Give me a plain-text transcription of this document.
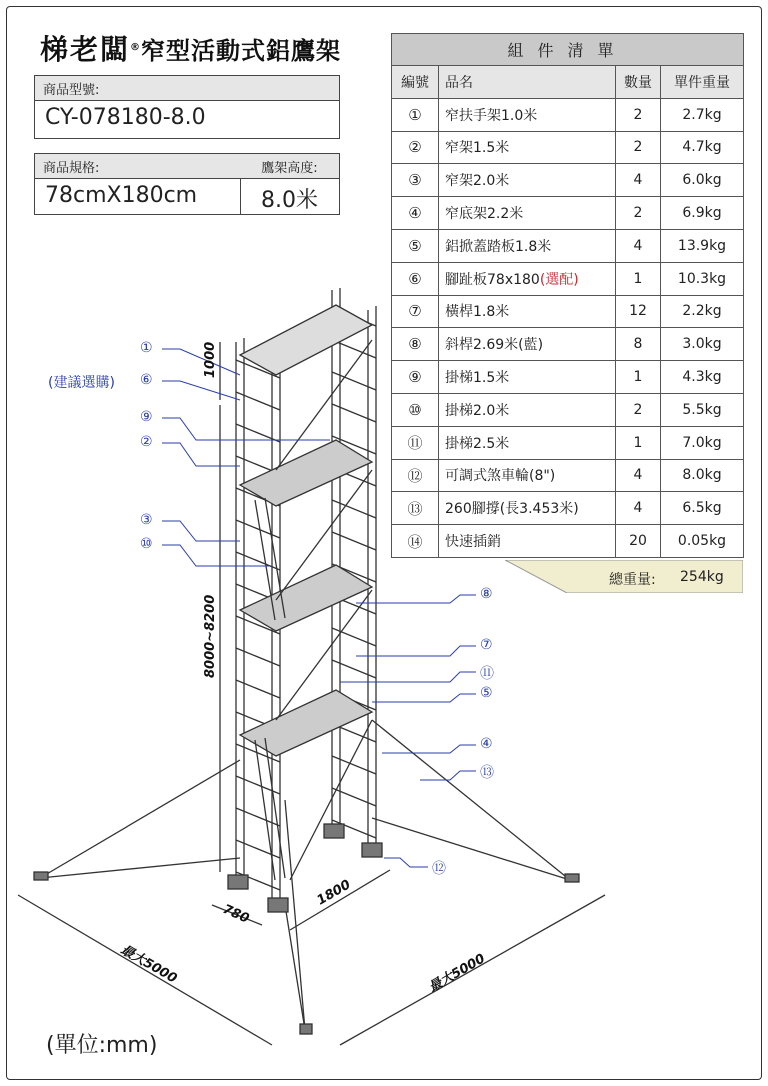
梯老闆®窄型活動式鋁鷹架
商品型號:
CY-078180-8.0
商品規格:
78cmX180cm
鷹架高度:
8.0米
組件清單			
編號	品名	數量	單件重量
①	窄扶手架1.0米	2	2.7kg
②	窄架1.5米	2	4.7kg
③	窄架2.0米	4	6.0kg
④	窄底架2.2米	2	6.9kg
⑤	鋁掀蓋踏板1.8米	4	13.9kg
⑥	腳趾板78x180(選配)	1	10.3kg
⑦	橫桿1.8米	12	2.2kg
⑧	斜桿2.69米(藍)	8	3.0kg
⑨	掛梯1.5米	1	4.3kg
⑩	掛梯2.0米	2	5.5kg
⑪	掛梯2.5米	1	7.0kg
⑫	可調式煞車輪(8")	4	8.0kg
⑬	260腳撐(長3.453米)	4	6.5kg
⑭	快速插銷	20	0.05kg
總重量: 254kg
1000
8000~8200
780
1800
最大5000	最大5000
①
(建議選購) ⑥
⑨
②
③
⑩
⑧
⑦
⑪
⑤
④
⑬
⑫
(單位:mm)
